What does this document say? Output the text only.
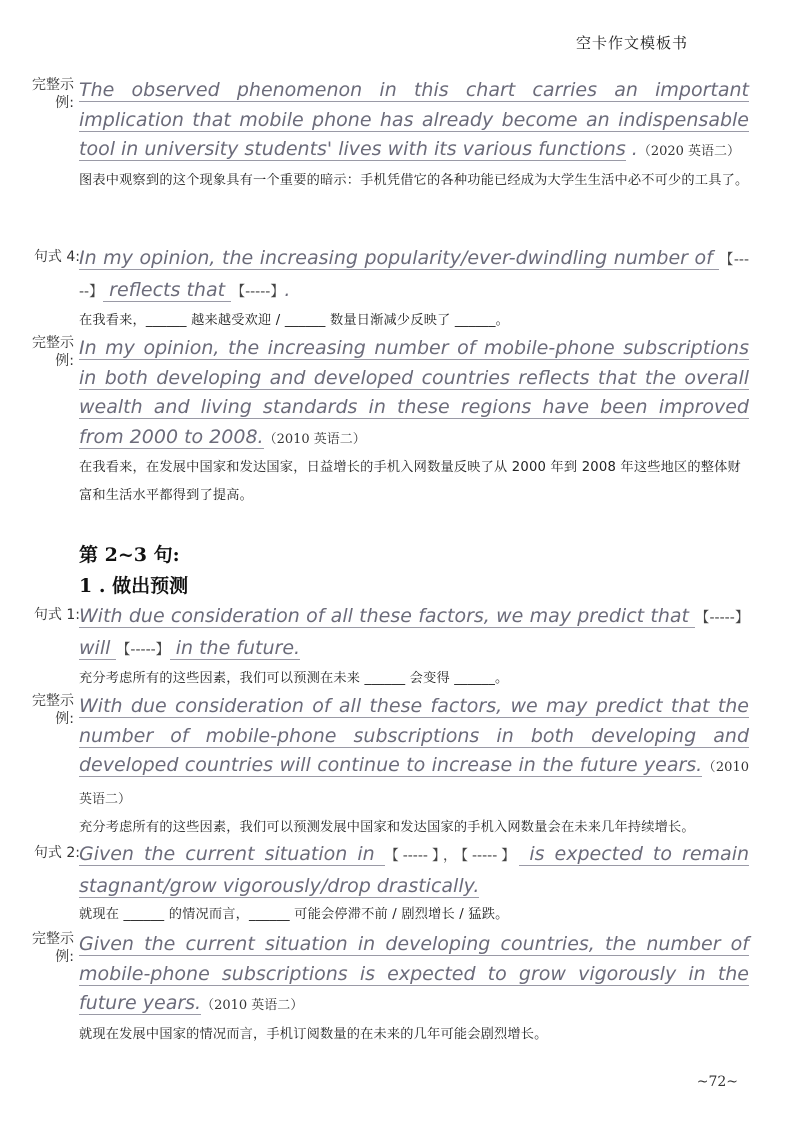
空卡作文模板书
完整示例:

The observed phenomenon in this chart carries an important implication that mobile phone has already become an indispensable tool in university students' lives with its various functions .（2020 英语二）

图表中观察到的这个现象具有一个重要的暗示：手机凭借它的各种功能已经成为大学生生活中必不可少的工具了。

句式 4: In my opinion, the increasing popularity/ever-dwindling number of 【-----】 reflects that 【-----】.

在我看来，______ 越来越受欢迎 / ______ 数量日渐减少反映了 ______。

完整示例:

In my opinion, the increasing number of mobile-phone subscriptions in both developing and developed countries reflects that the overall wealth and living standards in these regions have been improved from 2000 to 2008.（2010 英语二）

在我看来，在发展中国家和发达国家，日益增长的手机入网数量反映了从 2000 年到 2008 年这些地区的整体财富和生活水平都得到了提高。

第 2~3 句:
1 . 做出预测
句式 1: With due consideration of all these factors, we may predict that 【-----】 will 【-----】 in the future.

充分考虑所有的这些因素，我们可以预测在未来 ______ 会变得 ______。

完整示例:

With due consideration of all these factors, we may predict that the number of mobile-phone subscriptions in both developing and developed countries will continue to increase in the future years.（2010 英语二）

充分考虑所有的这些因素，我们可以预测发展中国家和发达国家的手机入网数量会在未来几年持续增长。

句式 2: Given the current situation in 【-----】，【-----】 is expected to remain stagnant/grow vigorously/drop drastically.

就现在 ______ 的情况而言，______ 可能会停滞不前 / 剧烈增长 / 猛跌。

完整示例:

Given the current situation in developing countries, the number of mobile-phone subscriptions is expected to grow vigorously in the future years.（2010 英语二）

就现在发展中国家的情况而言，手机订阅数量的在未来的几年可能会剧烈增长。

~72~
